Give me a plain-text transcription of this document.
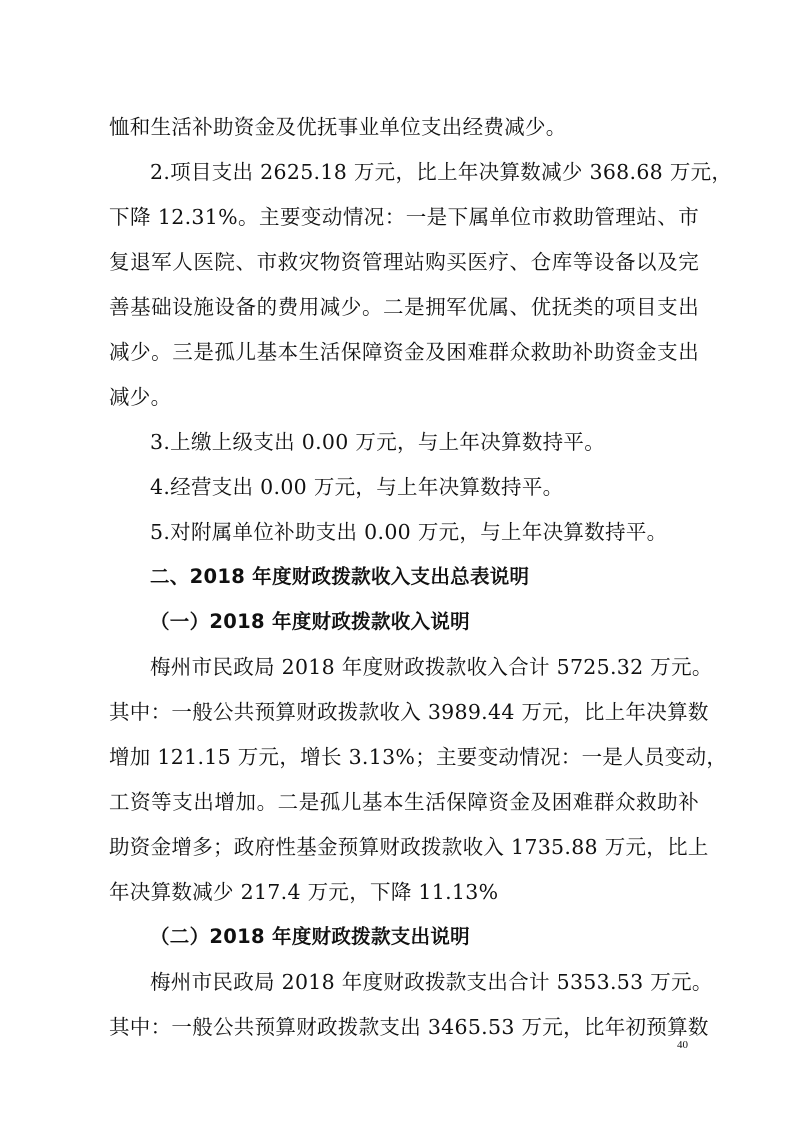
恤和生活补助资金及优抚事业单位支出经费减少。
2.项目支出 2625.18 万元，比上年决算数减少 368.68 万元，
下降 12.31%。主要变动情况：一是下属单位市救助管理站、市
复退军人医院、市救灾物资管理站购买医疗、仓库等设备以及完
善基础设施设备的费用减少。二是拥军优属、优抚类的项目支出
减少。三是孤儿基本生活保障资金及困难群众救助补助资金支出
减少。
3.上缴上级支出 0.00 万元，与上年决算数持平。
4.经营支出 0.00 万元，与上年决算数持平。
5.对附属单位补助支出 0.00 万元，与上年决算数持平。
二、2018 年度财政拨款收入支出总表说明
（一）2018 年度财政拨款收入说明
梅州市民政局 2018 年度财政拨款收入合计 5725.32 万元。
其中：一般公共预算财政拨款收入 3989.44 万元，比上年决算数
增加 121.15 万元，增长 3.13%；主要变动情况：一是人员变动，
工资等支出增加。二是孤儿基本生活保障资金及困难群众救助补
助资金增多；政府性基金预算财政拨款收入 1735.88 万元，比上
年决算数减少 217.4 万元，下降 11.13%
（二）2018 年度财政拨款支出说明
梅州市民政局 2018 年度财政拨款支出合计 5353.53 万元。
其中：一般公共预算财政拨款支出 3465.53 万元，比年初预算数
40
